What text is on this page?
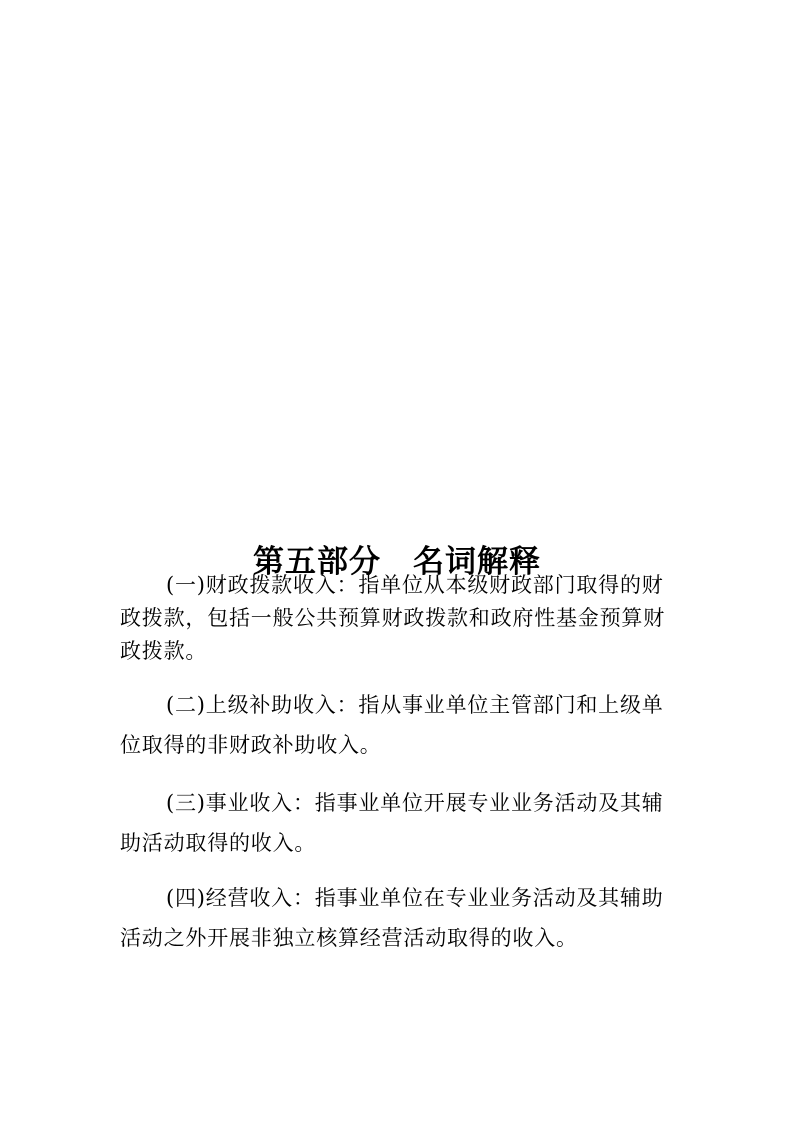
第五部分　名词解释

(一)财政拨款收入：指单位从本级财政部门取得的财政拨款，包括一般公共预算财政拨款和政府性基金预算财政拨款。

(二)上级补助收入：指从事业单位主管部门和上级单位取得的非财政补助收入。

(三)事业收入：指事业单位开展专业业务活动及其辅助活动取得的收入。

(四)经营收入：指事业单位在专业业务活动及其辅助活动之外开展非独立核算经营活动取得的收入。
